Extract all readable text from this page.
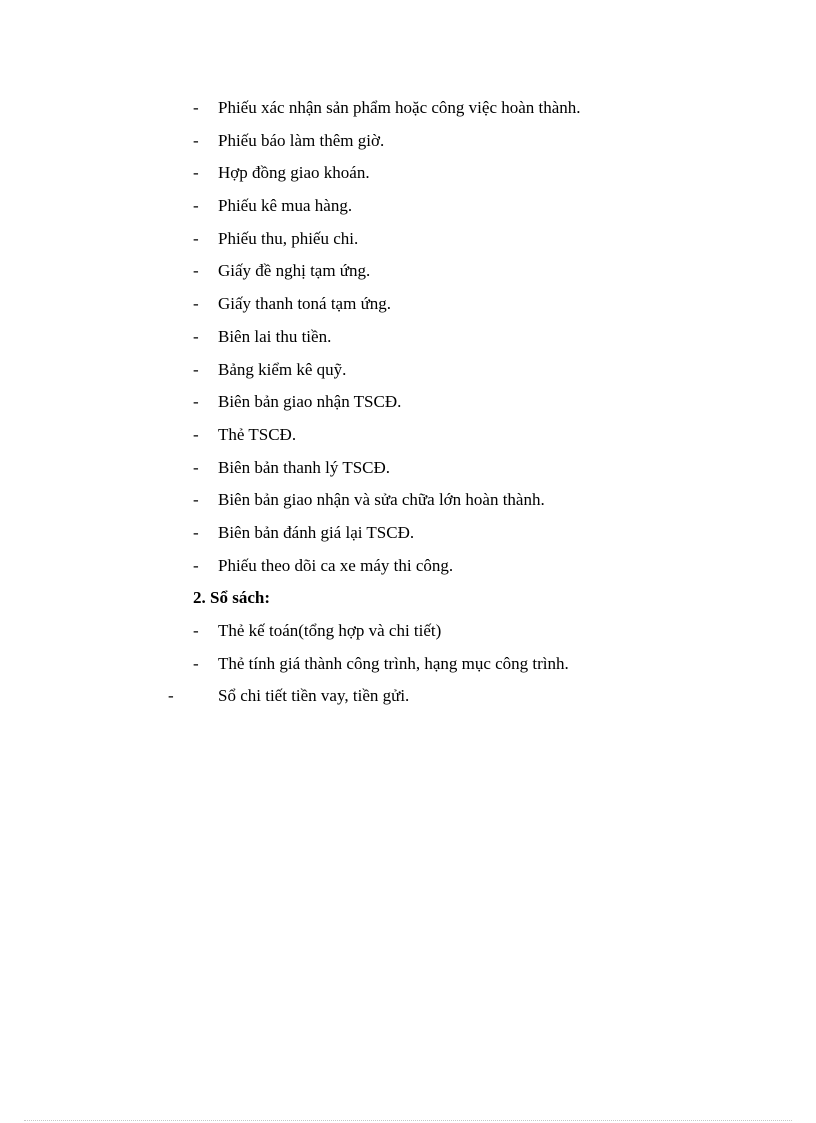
- Phiếu xác nhận sản phẩm hoặc công việc hoàn thành.
- Phiếu báo làm thêm giờ.
- Hợp đồng giao khoán.
- Phiếu kê mua hàng.
- Phiếu thu, phiếu chi.
- Giấy đề nghị tạm ứng.
- Giấy thanh toná tạm ứng.
- Biên lai thu tiền.
- Bảng kiểm kê quỹ.
- Biên bản giao nhận TSCĐ.
- Thẻ TSCĐ.
- Biên bản thanh lý TSCĐ.
- Biên bản giao nhận và sửa chữa lớn hoàn thành.
- Biên bản đánh giá lại TSCĐ.
- Phiếu theo dõi ca xe máy thi công.
2. Sổ sách:
- Thẻ kế toán(tổng hợp và chi tiết)
- Thẻ tính giá thành công trình, hạng mục công trình.
-	Sổ chi tiết tiền vay, tiền gửi.
